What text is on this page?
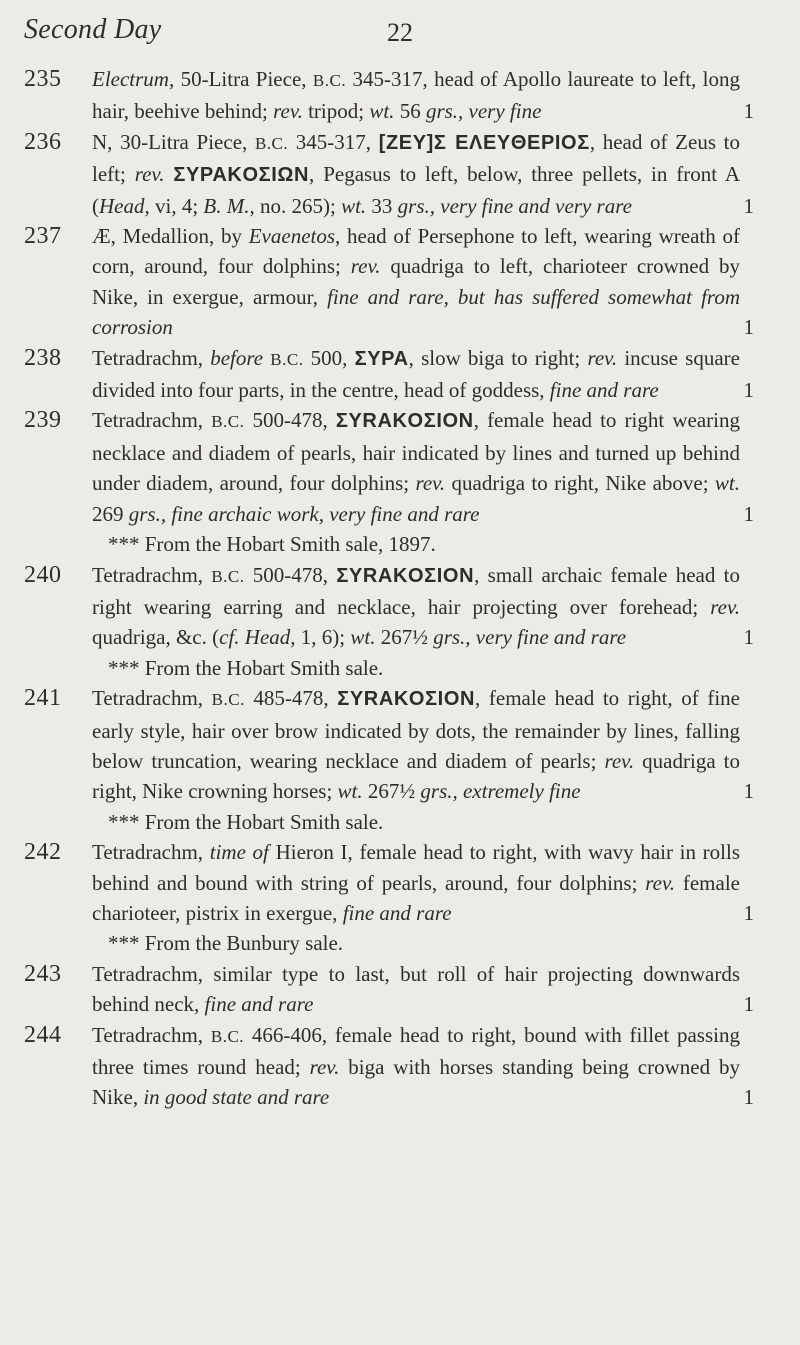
Second Day	22
235 Electrum, 50-Litra Piece, B.C. 345-317, head of Apollo laureate to left, long hair, beehive behind; rev. tripod; wt. 56 grs., very fine	1
236 N, 30-Litra Piece, B.C. 345-317, [ZEY]Σ EΛEYΘEPIOΣ, head of Zeus to left; rev. ΣYPAKOΣIΩN, Pegasus to left, below, three pellets, in front A (Head, vi, 4; B. M., no. 265); wt. 33 grs., very fine and very rare	1
237 Æ, Medallion, by Evaenetos, head of Persephone to left, wearing wreath of corn, around, four dolphins; rev. quadriga to left, charioteer crowned by Nike, in exergue, armour, fine and rare, but has suffered somewhat from corrosion	1
238 Tetradrachm, before B.C. 500, ΣYPA, slow biga to right; rev. incuse square divided into four parts, in the centre, head of goddess, fine and rare	1
239 Tetradrachm, B.C. 500-478, ΣYRAKOΣION, female head to right wearing necklace and diadem of pearls, hair indicated by lines and turned up behind under diadem, around, four dolphins; rev. quadriga to right, Nike above; wt. 269 grs., fine archaic work, very fine and rare	1
*** From the Hobart Smith sale, 1897.
240 Tetradrachm, B.C. 500-478, ΣYRAKOΣION, small archaic female head to right wearing earring and necklace, hair projecting over forehead; rev. quadriga, &c. (cf. Head, 1, 6); wt. 267½ grs., very fine and rare	1
*** From the Hobart Smith sale.
241 Tetradrachm, B.C. 485-478, ΣYRAKOΣION, female head to right, of fine early style, hair over brow indicated by dots, the remainder by lines, falling below truncation, wearing necklace and diadem of pearls; rev. quadriga to right, Nike crowning horses; wt. 267½ grs., extremely fine	1
*** From the Hobart Smith sale.
242 Tetradrachm, time of Hieron I, female head to right, with wavy hair in rolls behind and bound with string of pearls, around, four dolphins; rev. female charioteer, pistrix in exergue, fine and rare	1
*** From the Bunbury sale.
243 Tetradrachm, similar type to last, but roll of hair projecting downwards behind neck, fine and rare	1
244 Tetradrachm, B.C. 466-406, female head to right, bound with fillet passing three times round head; rev. biga with horses standing being crowned by Nike, in good state and rare	1
